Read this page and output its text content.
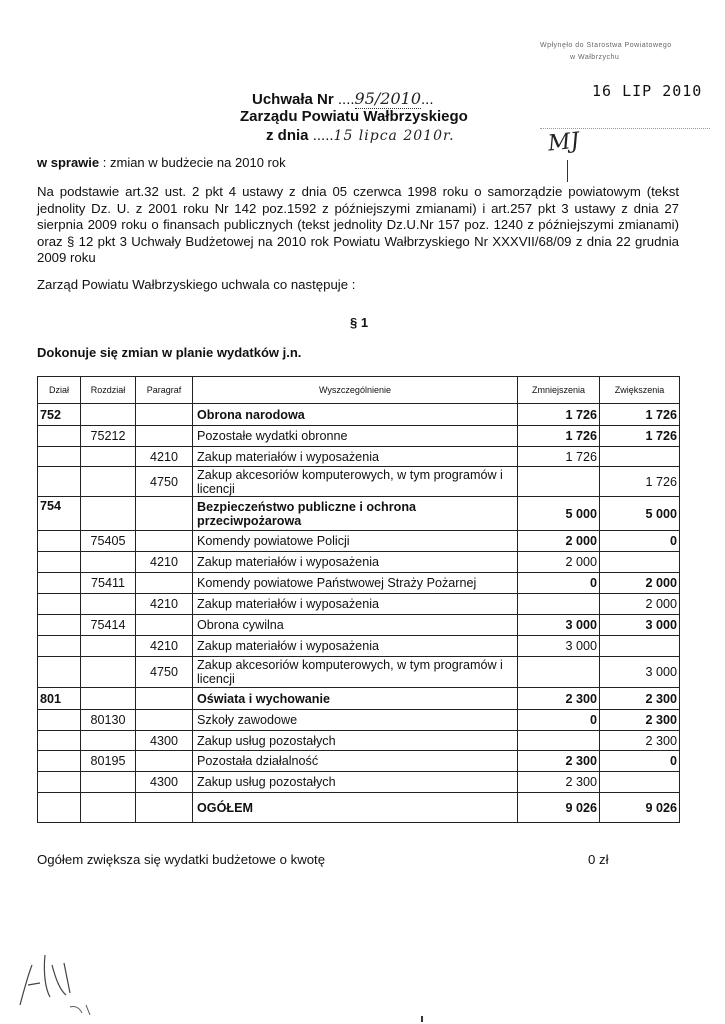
Wpłynęło do Starostwa Powiatowego
w Wałbrzychu
16 LIP 2010
MJ
Uchwała Nr ....95/2010...
Zarządu Powiatu Wałbrzyskiego
z dnia .....15 lipca 2010r.
w sprawie : zmian w budżecie na 2010 rok
Na podstawie art.32 ust. 2 pkt 4 ustawy z dnia 05 czerwca 1998 roku o samorządzie powiatowym (tekst jednolity Dz. U. z 2001 roku Nr 142 poz.1592 z późniejszymi zmianami) i art.257 pkt 3 ustawy z dnia 27 sierpnia 2009 roku o finansach publicznych (tekst jednolity Dz.U.Nr 157 poz. 1240 z późniejszymi zmianami) oraz § 12 pkt 3 Uchwały Budżetowej na 2010 rok Powiatu Wałbrzyskiego Nr XXXVII/68/09 z dnia 22 grudnia 2009 roku
Zarząd Powiatu Wałbrzyskiego uchwala co następuje :
§ 1
Dokonuje się zmian w planie wydatków j.n.
Dział	Rozdział	Paragraf	Wyszczególnienie	Zmniejszenia	Zwiększenia
752			Obrona narodowa	1 726	1 726
	75212		Pozostałe wydatki obronne	1 726	1 726
		4210	Zakup materiałów i wyposażenia	1 726	
		4750	Zakup akcesoriów komputerowych, w tym programów i licencji		1 726
754			Bezpieczeństwo publiczne i ochrona przeciwpożarowa	5 000	5 000
	75405		Komendy powiatowe Policji	2 000	0
		4210	Zakup materiałów i wyposażenia	2 000	
	75411		Komendy powiatowe Państwowej Straży Pożarnej	0	2 000
		4210	Zakup materiałów i wyposażenia		2 000
	75414		Obrona cywilna	3 000	3 000
		4210	Zakup materiałów i wyposażenia	3 000	
		4750	Zakup akcesoriów komputerowych, w tym programów i licencji		3 000
801			Oświata i wychowanie	2 300	2 300
	80130		Szkoły zawodowe	0	2 300
		4300	Zakup usług pozostałych		2 300
	80195		Pozostała działalność	2 300	0
		4300	Zakup usług pozostałych	2 300	
			OGÓŁEM	9 026	9 026
Ogółem zwiększa się wydatki budżetowe o kwotę	0 zł
